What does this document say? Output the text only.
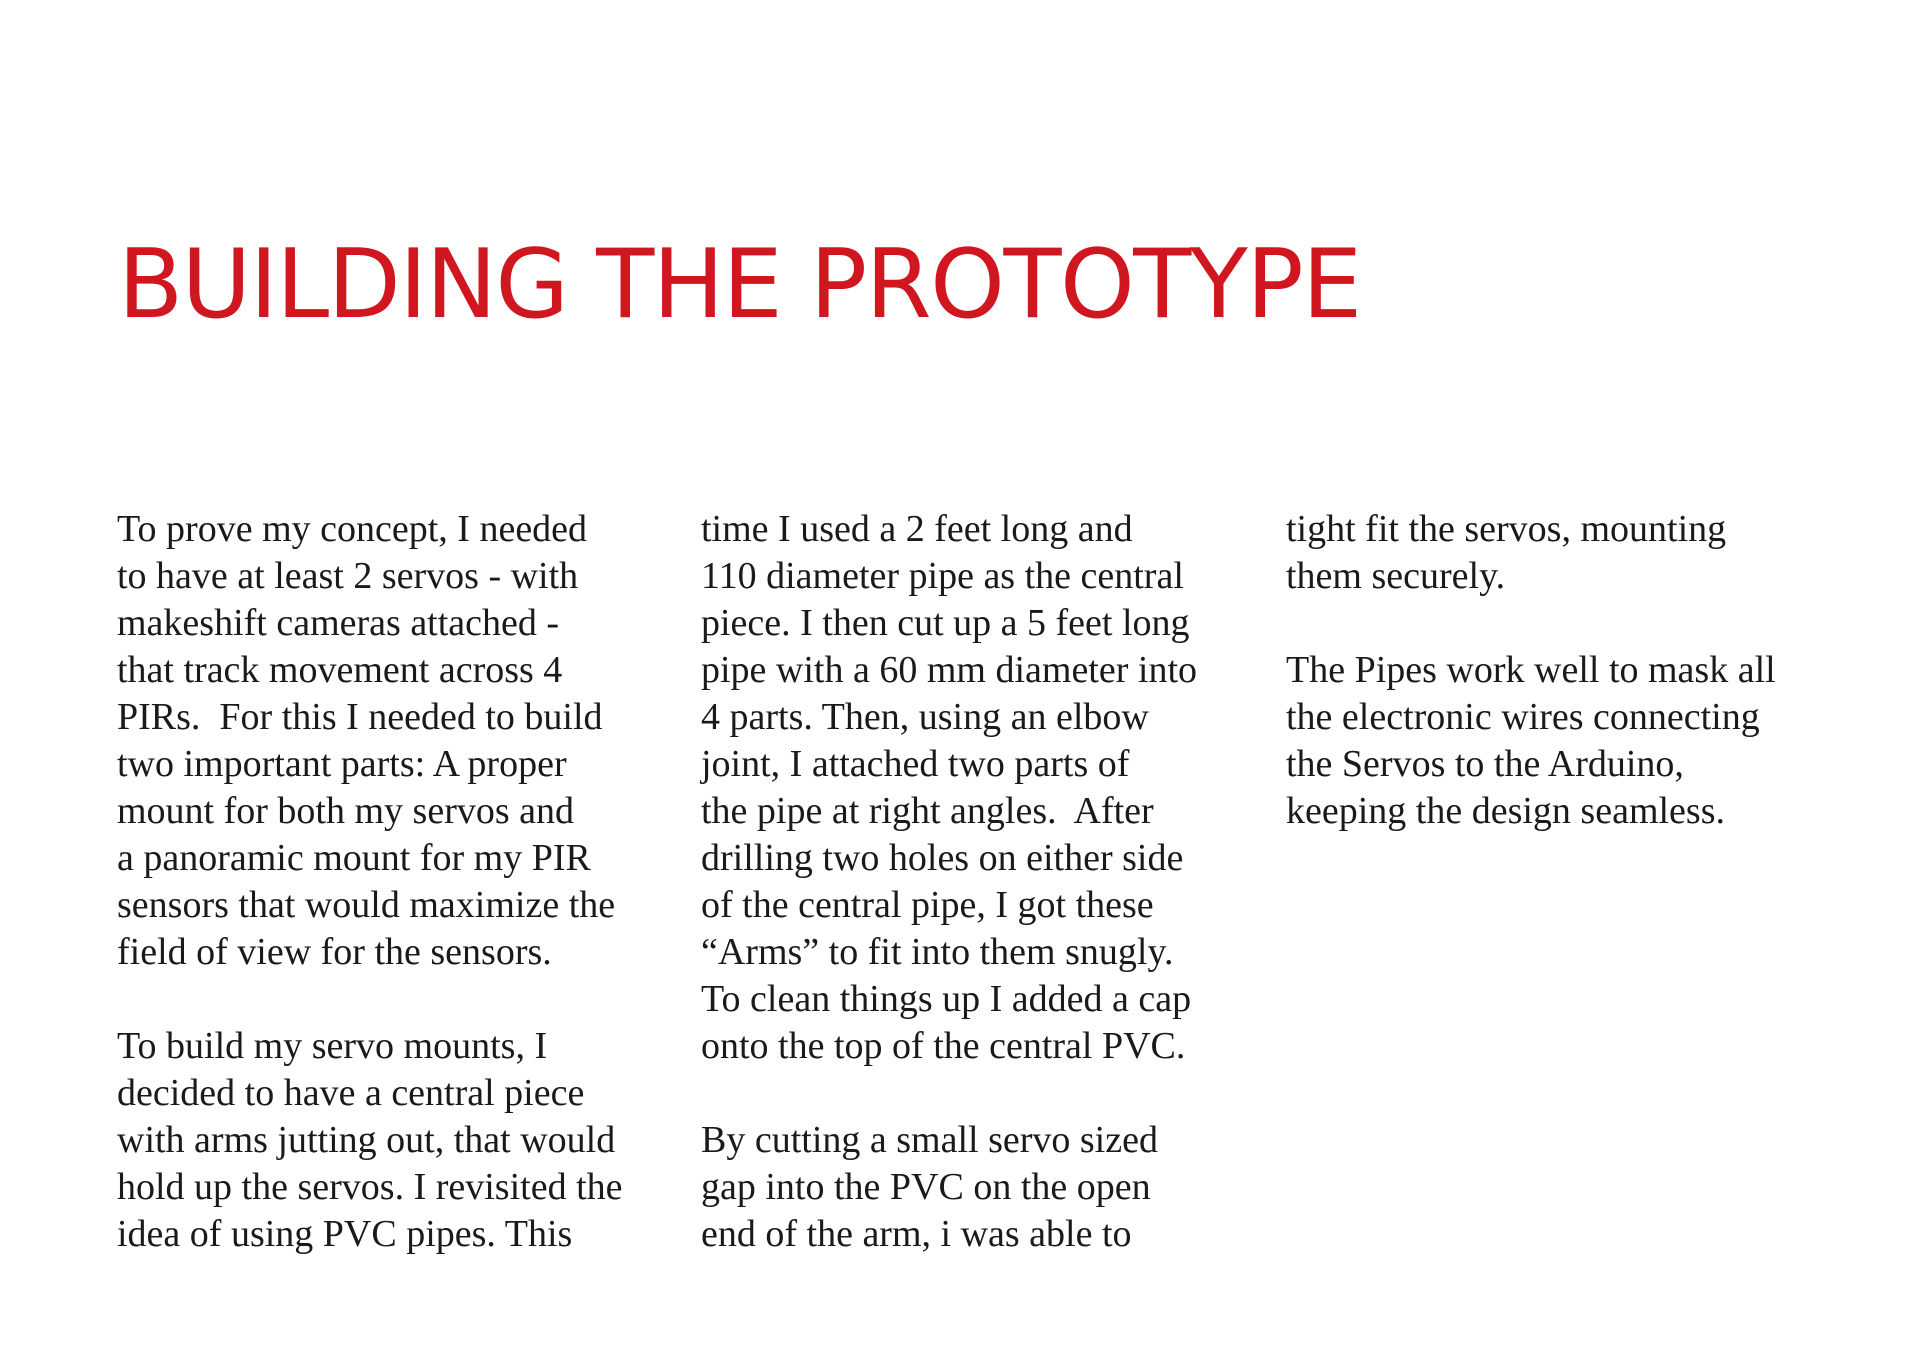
BUILDING THE PROTOTYPE

To prove my concept, I needed
to have at least 2 servos - with
makeshift cameras attached -
that track movement across 4
PIRs.  For this I needed to build
two important parts: A proper
mount for both my servos and
a panoramic mount for my PIR
sensors that would maximize the
field of view for the sensors.

To build my servo mounts, I
decided to have a central piece
with arms jutting out, that would
hold up the servos. I revisited the
idea of using PVC pipes. This

time I used a 2 feet long and
110 diameter pipe as the central
piece. I then cut up a 5 feet long
pipe with a 60 mm diameter into
4 parts. Then, using an elbow
joint, I attached two parts of
the pipe at right angles.  After
drilling two holes on either side
of the central pipe, I got these
“Arms” to fit into them snugly.
To clean things up I added a cap
onto the top of the central PVC.

By cutting a small servo sized
gap into the PVC on the open
end of the arm, i was able to

tight fit the servos, mounting
them securely.

The Pipes work well to mask all
the electronic wires connecting
the Servos to the Arduino,
keeping the design seamless.
